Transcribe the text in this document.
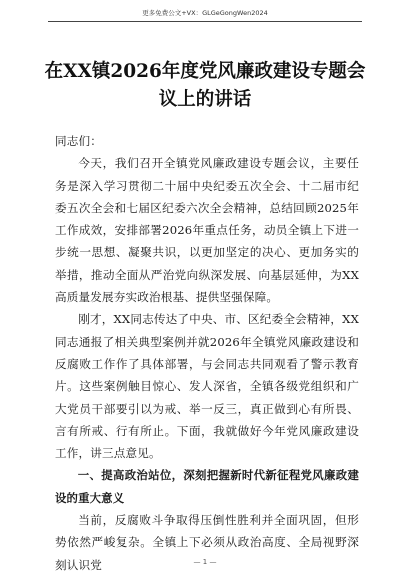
更多免费公文+VX：GLGeGongWen2024
在XX镇2026年度党风廉政建设专题会
议上的讲话

同志们：

今天，我们召开全镇党风廉政建设专题会议，主要任务是深入学习贯彻二十届中央纪委五次全会、十二届市纪委五次全会和七届区纪委六次全会精神，总结回顾2025年工作成效，安排部署2026年重点任务，动员全镇上下进一步统一思想、凝聚共识，以更加坚定的决心、更加务实的举措，推动全面从严治党向纵深发展、向基层延伸，为XX高质量发展夯实政治根基、提供坚强保障。

刚才，XX同志传达了中央、市、区纪委全会精神，XX同志通报了相关典型案例并就2026年全镇党风廉政建设和反腐败工作作了具体部署，与会同志共同观看了警示教育片。这些案例触目惊心、发人深省，全镇各级党组织和广大党员干部要引以为戒、举一反三，真正做到心有所畏、言有所戒、行有所止。下面，我就做好今年党风廉政建设工作，讲三点意见。

一、提高政治站位，深刻把握新时代新征程党风廉政建设的重大意义

当前，反腐败斗争取得压倒性胜利并全面巩固，但形势依然严峻复杂。全镇上下必须从政治高度、全局视野深刻认识党	— 1 —
